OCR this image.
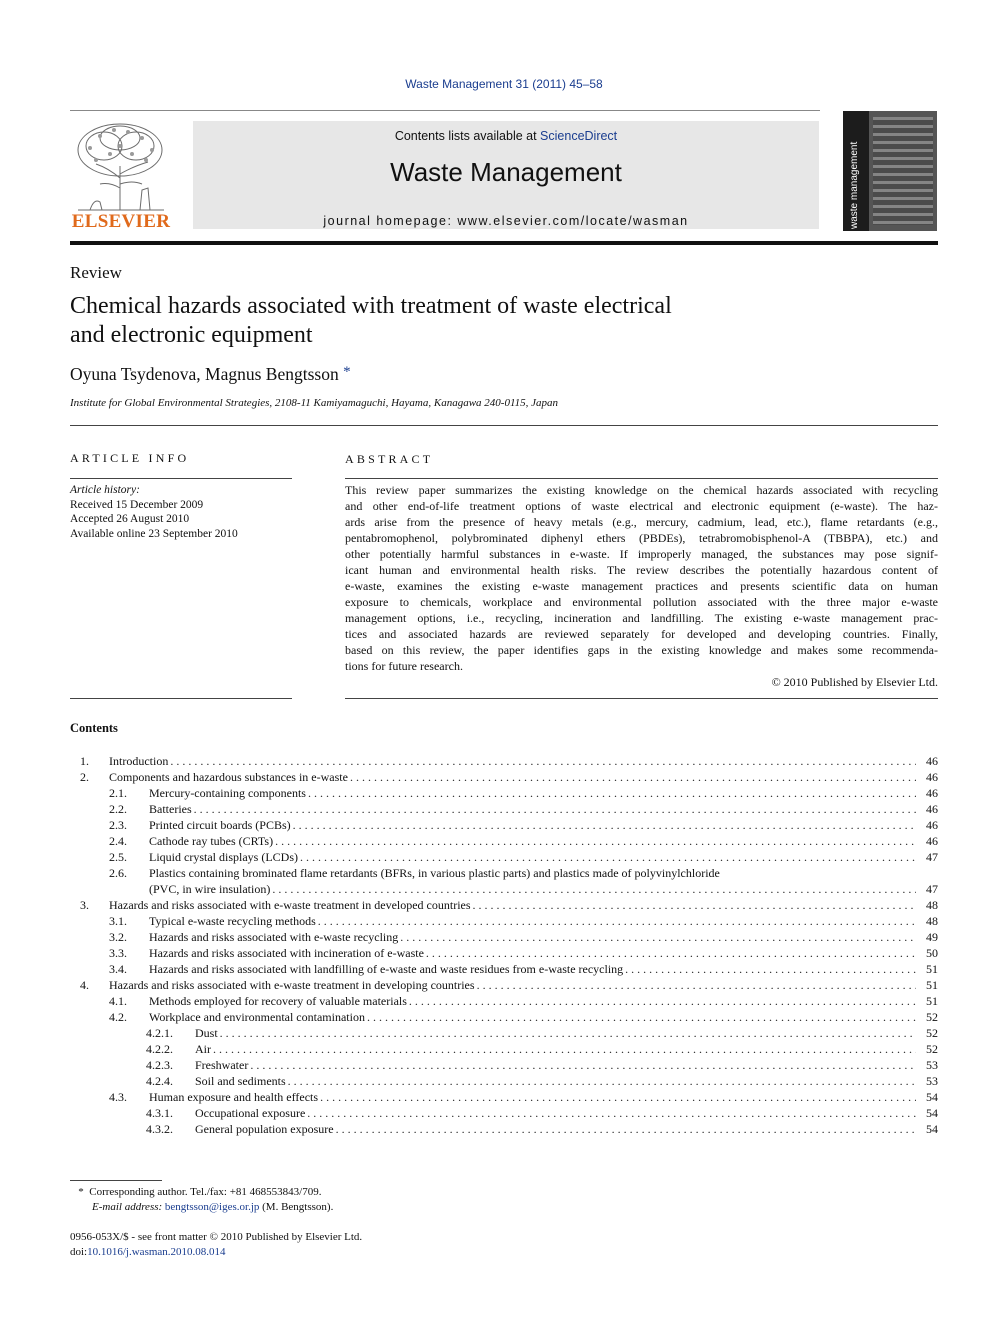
Waste Management 31 (2011) 45–58
ELSEVIER
Contents lists available at ScienceDirect
Waste Management
journal homepage: www.elsevier.com/locate/wasman	waste management
Review
Chemical hazards associated with treatment of waste electrical
and electronic equipment
Oyuna Tsydenova, Magnus Bengtsson *
Institute for Global Environmental Strategies, 2108-11 Kamiyamaguchi, Hayama, Kanagawa 240-0115, Japan
ARTICLE INFO
Article history:
Received 15 December 2009
Accepted 26 August 2010
Available online 23 September 2010
ABSTRACT
This review paper summarizes the existing knowledge on the chemical hazards associated with recycling
and other end-of-life treatment options of waste electrical and electronic equipment (e-waste). The haz-
ards arise from the presence of heavy metals (e.g., mercury, cadmium, lead, etc.), flame retardants (e.g.,
pentabromophenol, polybrominated diphenyl ethers (PBDEs), tetrabromobisphenol-A (TBBPA), etc.) and
other potentially harmful substances in e-waste. If improperly managed, the substances may pose signif-
icant human and environmental health risks. The review describes the potentially hazardous content of
e-waste, examines the existing e-waste management practices and presents scientific data on human
exposure to chemicals, workplace and environmental pollution associated with the three major e-waste
management options, i.e., recycling, incineration and landfilling. The existing e-waste management prac-
tices and associated hazards are reviewed separately for developed and developing countries. Finally,
based on this review, the paper identifies gaps in the existing knowledge and makes some recommenda-
tions for future research.
© 2010 Published by Elsevier Ltd.
Contents
1. Introduction . . .	46
2. Components and hazardous substances in e-waste . . .	46
2.1. Mercury-containing components . . .	46
2.2. Batteries . . .	46
2.3. Printed circuit boards (PCBs) . . .	46
2.4. Cathode ray tubes (CRTs) . . .	46
2.5. Liquid crystal displays (LCDs) . . .	47
2.6. Plastics containing brominated flame retardants (BFRs, in various plastic parts) and plastics made of polyvinylchloride
(PVC, in wire insulation) . . .	47
3. Hazards and risks associated with e-waste treatment in developed countries . . .	48
3.1. Typical e-waste recycling methods . . .	48
3.2. Hazards and risks associated with e-waste recycling . . .	49
3.3. Hazards and risks associated with incineration of e-waste . . .	50
3.4. Hazards and risks associated with landfilling of e-waste and waste residues from e-waste recycling . . .	51
4. Hazards and risks associated with e-waste treatment in developing countries . . .	51
4.1. Methods employed for recovery of valuable materials . . .	51
4.2. Workplace and environmental contamination . . .	52
4.2.1. Dust . . .	52
4.2.2. Air . . .	52
4.2.3. Freshwater . . .	53
4.2.4. Soil and sediments . . .	53
4.3. Human exposure and health effects . . .	54
4.3.1. Occupational exposure . . .	54
4.3.2. General population exposure . . .	54
* Corresponding author. Tel./fax: +81 468553843/709.
E-mail address: bengtsson@iges.or.jp (M. Bengtsson).
0956-053X/$ - see front matter © 2010 Published by Elsevier Ltd.
doi:10.1016/j.wasman.2010.08.014
